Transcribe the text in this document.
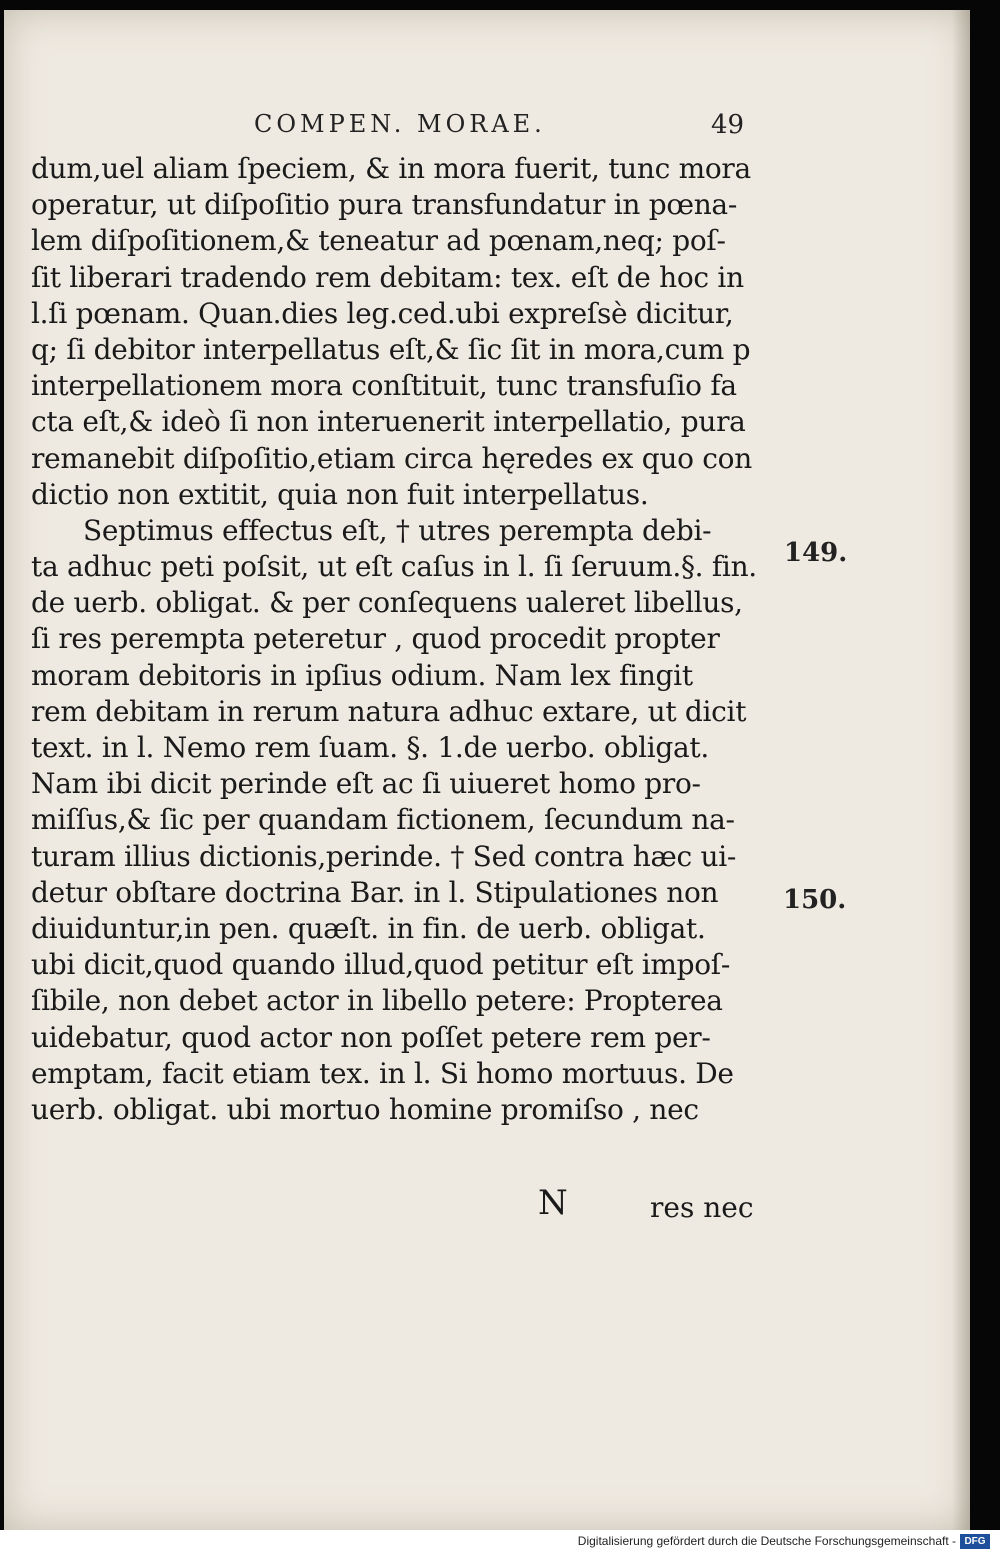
COMPEN. MORAE.	49
dum,uel aliam ſpeciem, & in mora fuerit, tunc mora
operatur, ut diſpoſitio pura transfundatur in pœna-
lem diſpoſitionem,& teneatur ad pœnam,neq; poſ-
ſit liberari tradendo rem debitam: tex. eſt de hoc in
l.ſi pœnam. Quan.dies leg.ced.ubi expreſsè dicitur,
q; ſi debitor interpellatus eſt,& ſic ſit in mora,cum p
interpellationem mora conſtituit, tunc transfuſio fa
cta eſt,& ideò ſi non interuenerit interpellatio, pura
remanebit diſpoſitio,etiam circa hęredes ex quo con
dictio non extitit, quia non fuit interpellatus.
Septimus effectus eſt, † utres perempta debi-
ta adhuc peti poſsit, ut eſt caſus in l. ſi ſeruum.§. fin.
de uerb. obligat. & per conſequens ualeret libellus,
ſi res perempta peteretur , quod procedit propter
moram debitoris in ipſius odium. Nam lex fingit
rem debitam in rerum natura adhuc extare, ut dicit
text. in l. Nemo rem ſuam. §. 1.de uerbo. obligat.
Nam ibi dicit perinde eſt ac ſi uiueret homo pro-
miſſus,& ſic per quandam fictionem, ſecundum na-
turam illius dictionis,perinde. † Sed contra hæc ui-
detur obſtare doctrina Bar. in l. Stipulationes non
diuiduntur,in pen. quæſt. in fin. de uerb. obligat.
ubi dicit,quod quando illud,quod petitur eſt impoſ-
ſibile, non debet actor in libello petere: Propterea
uidebatur, quod actor non poſſet petere rem per-
emptam, facit etiam tex. in l. Si homo mortuus. De
uerb. obligat. ubi mortuo homine promiſso , nec
149.
150.
N	res nec
Digitalisierung gefördert durch die Deutsche Forschungsgemeinschaft - DFG
